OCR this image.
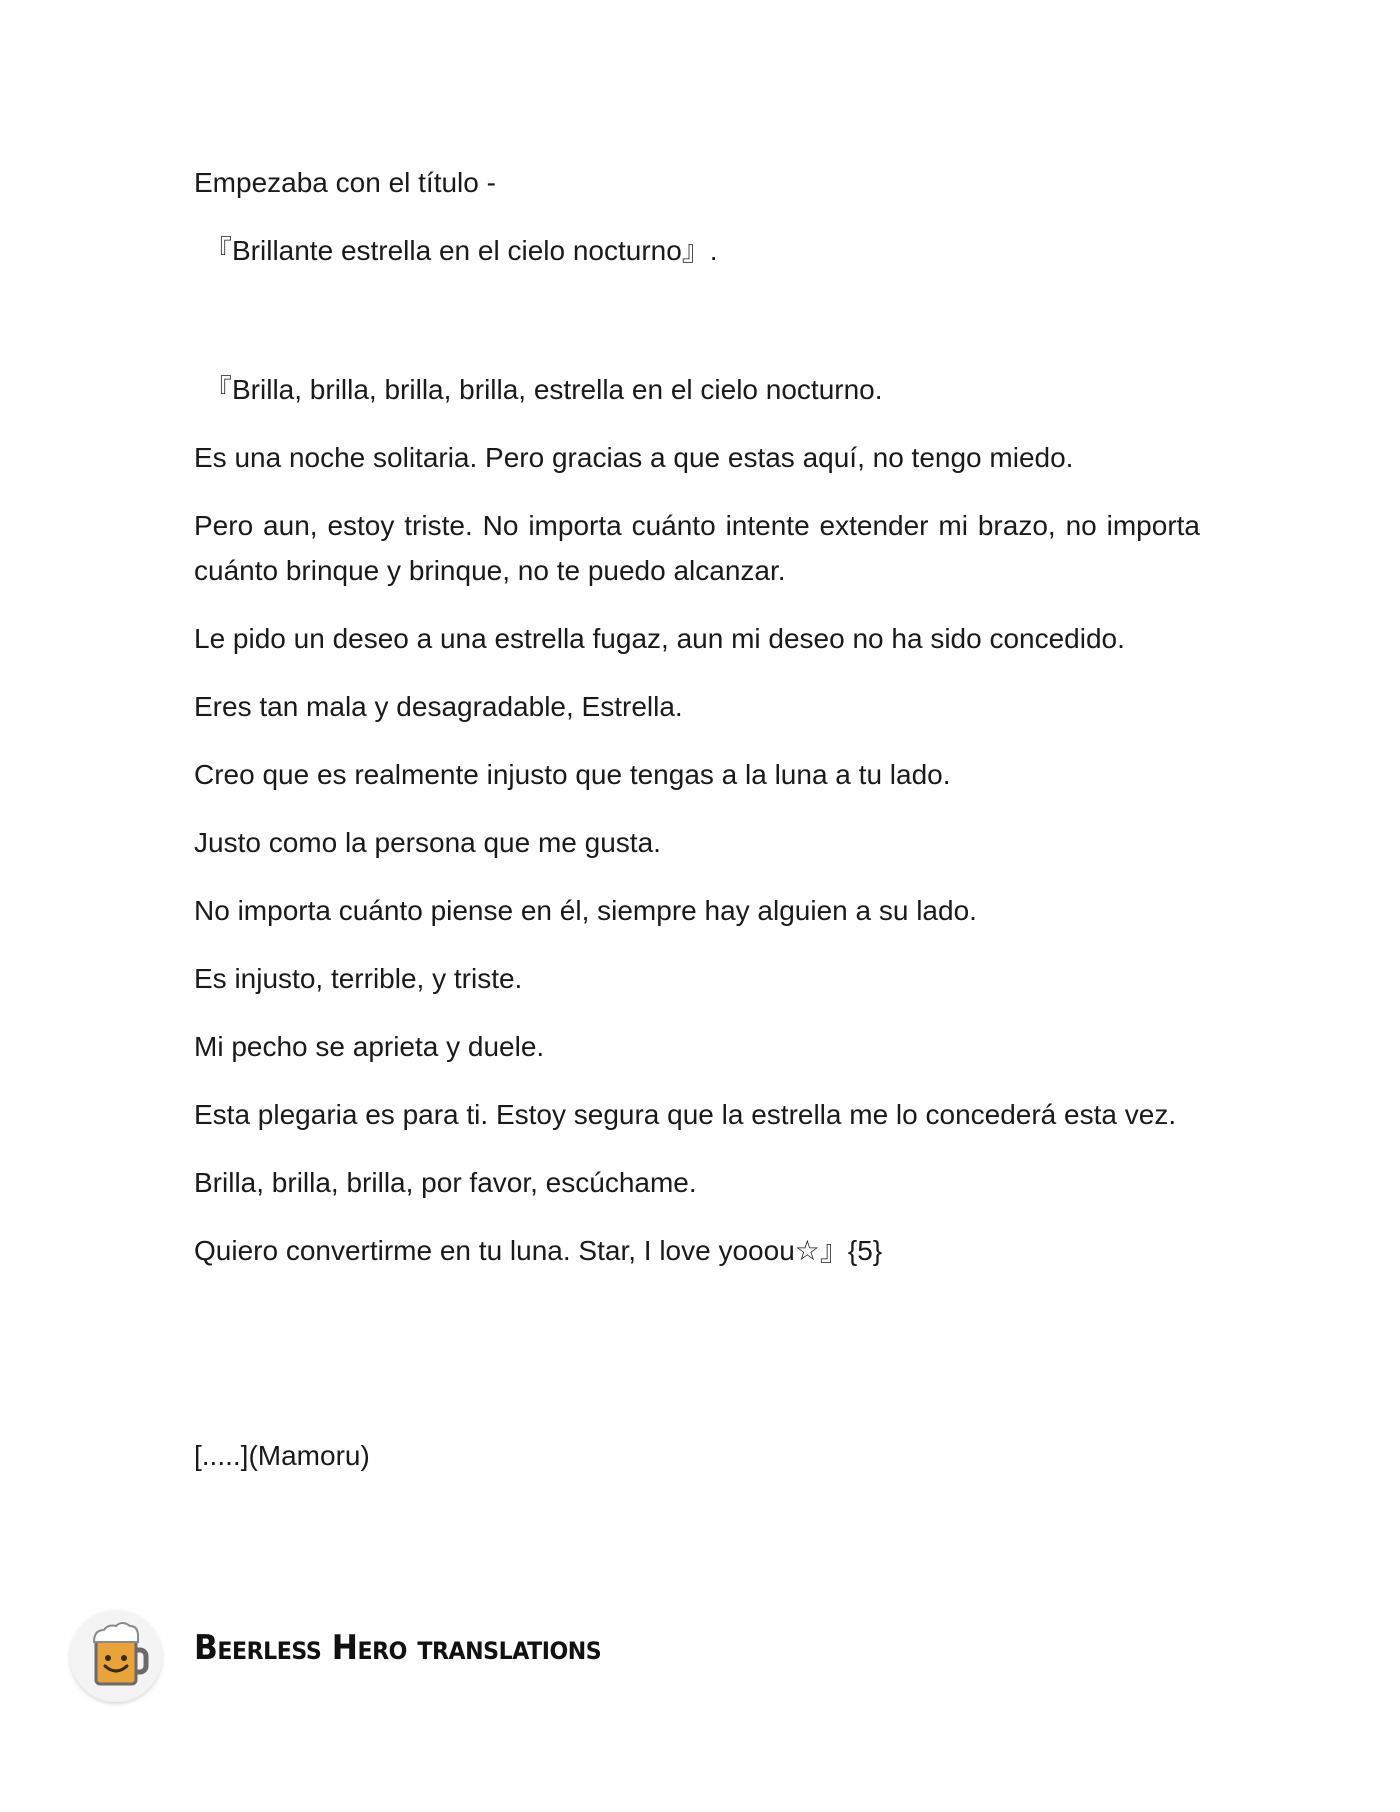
Empezaba con el título -

『Brillante estrella en el cielo nocturno』.

『Brilla, brilla, brilla, brilla, estrella en el cielo nocturno.

Es una noche solitaria. Pero gracias a que estas aquí, no tengo miedo.

Pero aun, estoy triste. No importa cuánto intente extender mi brazo, no importa cuánto brinque y brinque, no te puedo alcanzar.

Le pido un deseo a una estrella fugaz, aun mi deseo no ha sido concedido.

Eres tan mala y desagradable, Estrella.

Creo que es realmente injusto que tengas a la luna a tu lado.

Justo como la persona que me gusta.

No importa cuánto piense en él, siempre hay alguien a su lado.

Es injusto, terrible, y triste.

Mi pecho se aprieta y duele.

Esta plegaria es para ti. Estoy segura que la estrella me lo concederá esta vez.

Brilla, brilla, brilla, por favor, escúchame.

Quiero convertirme en tu luna. Star, I love yooou☆』{5}

[.....](Mamoru)

Beerless Hero translations
